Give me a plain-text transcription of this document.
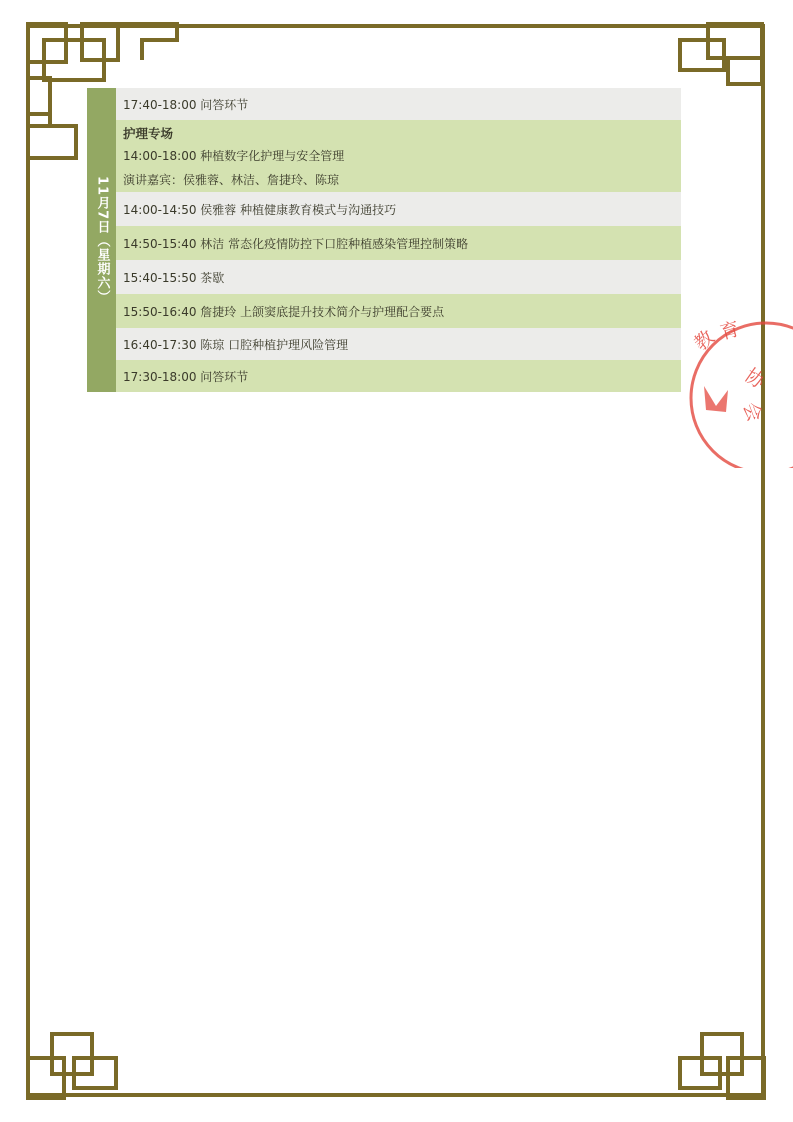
11月7日（星期六）
17:40-18:00 问答环节
护理专场
14:00-18:00 种植数字化护理与安全管理
演讲嘉宾：侯雅蓉、林洁、詹捷玲、陈琼
14:00-14:50 侯雅蓉 种植健康教育模式与沟通技巧
14:50-15:40 林洁 常态化疫情防控下口腔种植感染管理控制策略
15:40-15:50 茶歇
15:50-16:40 詹捷玲 上颌窦底提升技术简介与护理配合要点
16:40-17:30 陈琼 口腔种植护理风险管理
17:30-18:00 问答环节
教 育
协
会
